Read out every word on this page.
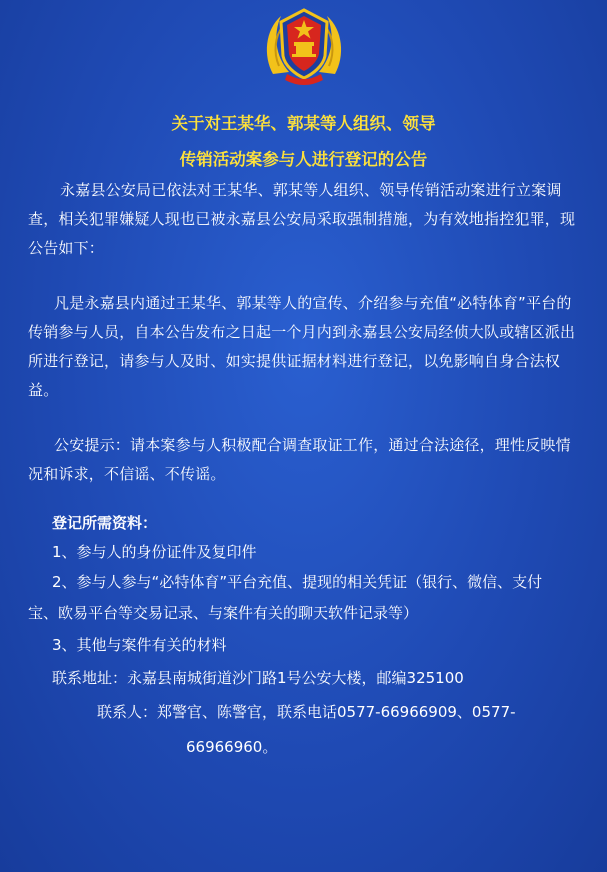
关于对王某华、郭某等人组织、领导
传销活动案参与人进行登记的公告

永嘉县公安局已依法对王某华、郭某等人组织、领导传销活动案进行立案调查，相关犯罪嫌疑人现也已被永嘉县公安局采取强制措施，为有效地指控犯罪，现公告如下：

凡是永嘉县内通过王某华、郭某等人的宣传、介绍参与充值“必特体育”平台的传销参与人员，自本公告发布之日起一个月内到永嘉县公安局经侦大队或辖区派出所进行登记，请参与人及时、如实提供证据材料进行登记，以免影响自身合法权益。

公安提示：请本案参与人积极配合调查取证工作，通过合法途径，理性反映情况和诉求，不信谣、不传谣。

登记所需资料：
1、参与人的身份证件及复印件
2、参与人参与“必特体育”平台充值、提现的相关凭证（银行、微信、支付
宝、欧易平台等交易记录、与案件有关的聊天软件记录等）
3、其他与案件有关的材料
联系地址：永嘉县南城街道沙门路1号公安大楼，邮编325100
联系人：郑警官、陈警官，联系电话0577-66966909、0577-
66966960。
